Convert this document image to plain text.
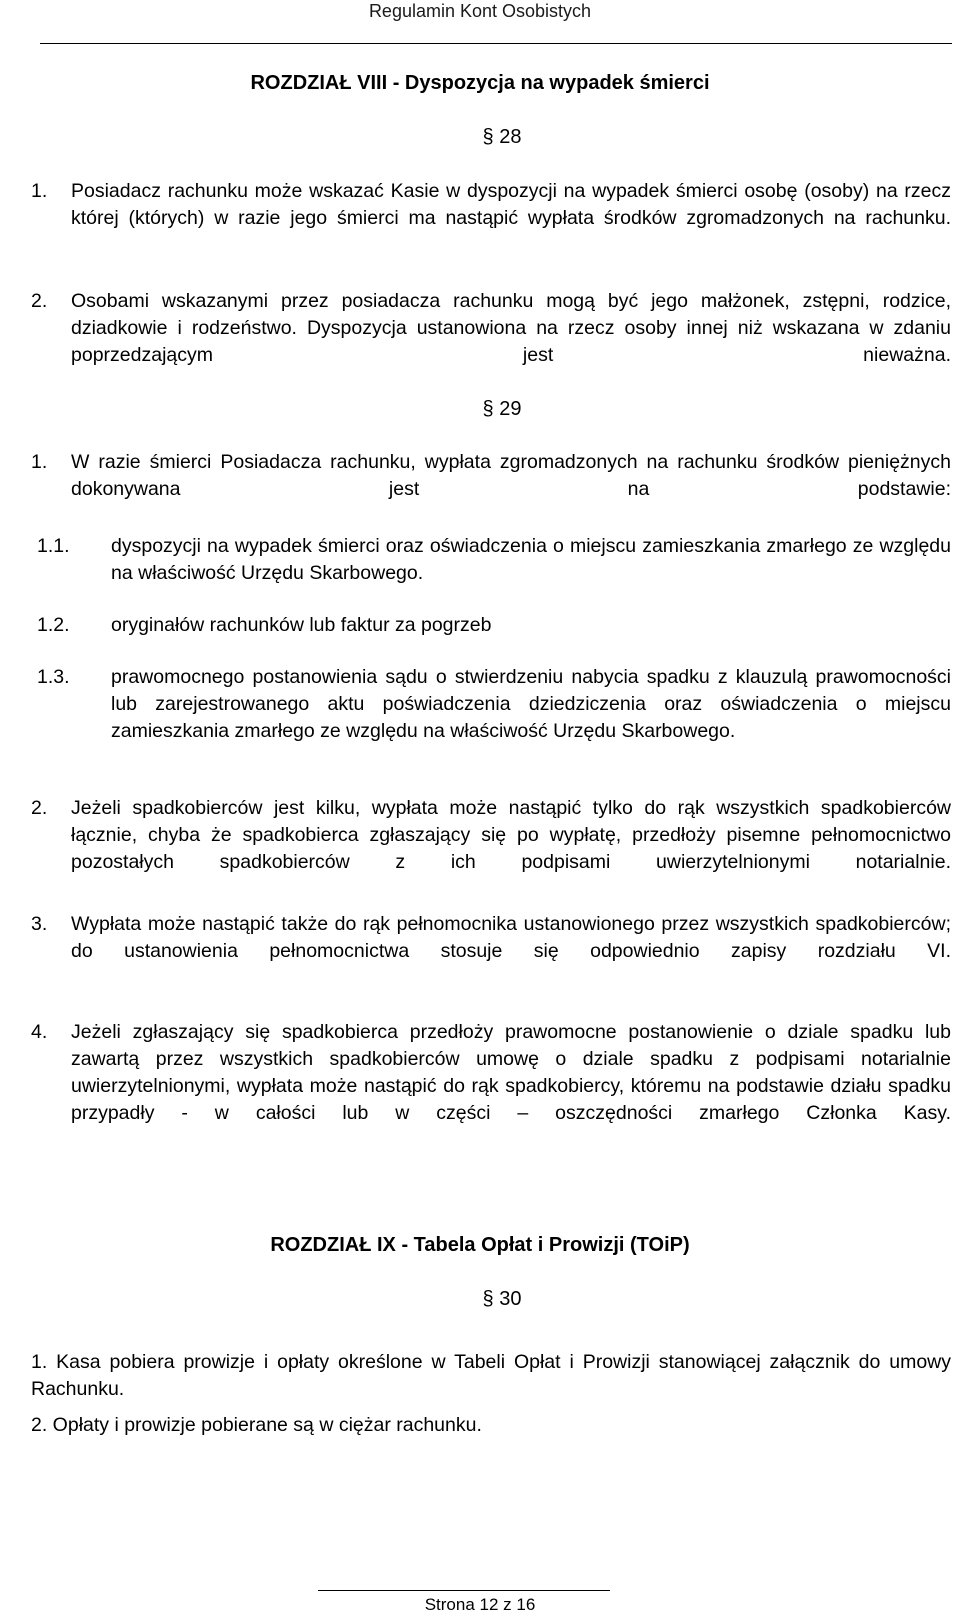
Regulamin Kont Osobistych
ROZDZIAŁ VIII - Dyspozycja na wypadek śmierci
§ 28
1. Posiadacz rachunku może wskazać Kasie w dyspozycji na wypadek śmierci osobę (osoby) na rzecz której (których) w razie jego śmierci ma nastąpić wypłata środków zgromadzonych na rachunku.
2. Osobami wskazanymi przez posiadacza rachunku mogą być jego małżonek, zstępni, rodzice, dziadkowie i rodzeństwo. Dyspozycja ustanowiona na rzecz osoby innej niż wskazana w zdaniu poprzedzającym jest nieważna.
§ 29
1. W razie śmierci Posiadacza rachunku, wypłata zgromadzonych na rachunku środków pieniężnych dokonywana jest na podstawie:
1.1. dyspozycji na wypadek śmierci oraz oświadczenia o miejscu zamieszkania zmarłego ze względu na właściwość Urzędu Skarbowego.
1.2. oryginałów rachunków lub faktur za pogrzeb
1.3. prawomocnego postanowienia sądu o stwierdzeniu nabycia spadku z klauzulą prawomocności lub zarejestrowanego aktu poświadczenia dziedziczenia oraz oświadczenia o miejscu zamieszkania zmarłego ze względu na właściwość Urzędu Skarbowego.
2. Jeżeli spadkobierców jest kilku, wypłata może nastąpić tylko do rąk wszystkich spadkobierców łącznie, chyba że spadkobierca zgłaszający się po wypłatę, przedłoży pisemne pełnomocnictwo pozostałych spadkobierców z ich podpisami uwierzytelnionymi notarialnie.
3. Wypłata może nastąpić także do rąk pełnomocnika ustanowionego przez wszystkich spadkobierców; do ustanowienia pełnomocnictwa stosuje się odpowiednio zapisy rozdziału VI.
4. Jeżeli zgłaszający się spadkobierca przedłoży prawomocne postanowienie o dziale spadku lub zawartą przez wszystkich spadkobierców umowę o dziale spadku z podpisami notarialnie uwierzytelnionymi, wypłata może nastąpić do rąk spadkobiercy, któremu na podstawie działu spadku przypadły - w całości lub w części – oszczędności zmarłego Członka Kasy.
ROZDZIAŁ IX - Tabela Opłat i Prowizji (TOiP)
§ 30
1. Kasa pobiera prowizje i opłaty określone w Tabeli Opłat i Prowizji stanowiącej załącznik do umowy Rachunku.
2. Opłaty i prowizje pobierane są w ciężar rachunku.
Strona 12 z 16
